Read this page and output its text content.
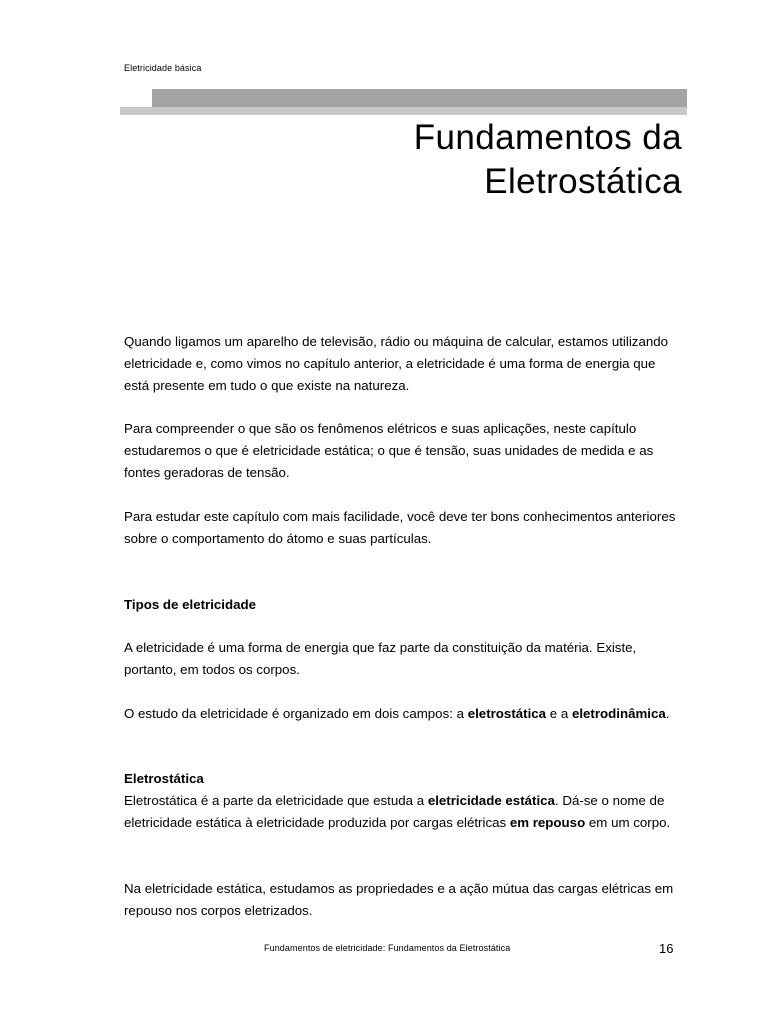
Eletricidade básica
Fundamentos da
Eletrostática

Quando ligamos um aparelho de televisão, rádio ou máquina de calcular, estamos utilizando eletricidade e, como vimos no capítulo anterior, a eletricidade é uma forma de energia que está presente em tudo o que existe na natureza.

Para compreender o que são os fenômenos elétricos e suas aplicações, neste capítulo estudaremos o que é eletricidade estática; o que é tensão, suas unidades de medida e as fontes geradoras de tensão.

Para estudar este capítulo com mais facilidade, você deve ter bons conhecimentos anteriores sobre o comportamento do átomo e suas partículas.

Tipos de eletricidade

A eletricidade é uma forma de energia que faz parte da constituição da matéria. Existe, portanto, em todos os corpos.

O estudo da eletricidade é organizado em dois campos: a eletrostática e a eletrodinâmica.

Eletrostática

Eletrostática é a parte da eletricidade que estuda a eletricidade estática. Dá-se o nome de eletricidade estática à eletricidade produzida por cargas elétricas em repouso em um corpo.

Na eletricidade estática, estudamos as propriedades e a ação mútua das cargas elétricas em repouso nos corpos eletrizados.

Fundamentos de eletricidade: Fundamentos da Eletrostática	16
